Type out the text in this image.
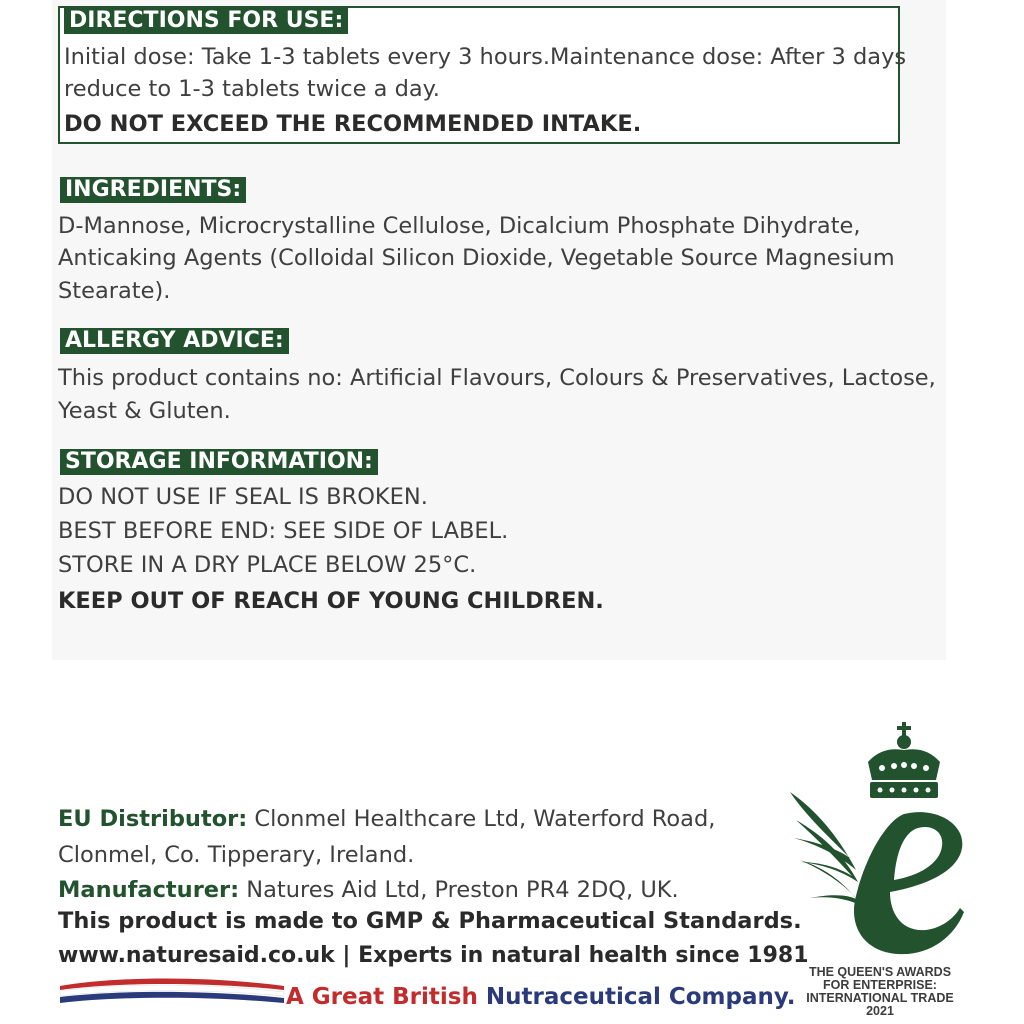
DIRECTIONS FOR USE:
Initial dose: Take 1-3 tablets every 3 hours.Maintenance dose: After 3 days
reduce to 1-3 tablets twice a day.
DO NOT EXCEED THE RECOMMENDED INTAKE.
INGREDIENTS:
D-Mannose, Microcrystalline Cellulose, Dicalcium Phosphate Dihydrate,
Anticaking Agents (Colloidal Silicon Dioxide, Vegetable Source Magnesium
Stearate).
ALLERGY ADVICE:
This product contains no: Artificial Flavours, Colours & Preservatives, Lactose,
Yeast & Gluten.
STORAGE INFORMATION:
DO NOT USE IF SEAL IS BROKEN.
BEST BEFORE END: SEE SIDE OF LABEL.
STORE IN A DRY PLACE BELOW 25°C.
KEEP OUT OF REACH OF YOUNG CHILDREN.
EU Distributor: Clonmel Healthcare Ltd, Waterford Road,
Clonmel, Co. Tipperary, Ireland.
Manufacturer: Natures Aid Ltd, Preston PR4 2DQ, UK.
This product is made to GMP & Pharmaceutical Standards.
www.naturesaid.co.uk | Experts in natural health since 1981
A Great British Nutraceutical Company.
THE QUEEN'S AWARDS
FOR ENTERPRISE:
INTERNATIONAL TRADE
2021
